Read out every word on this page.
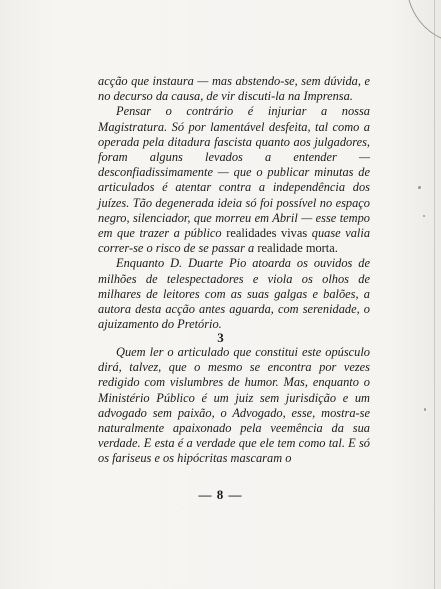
acção que instaura — mas abstendo-se, sem dúvida, e no decurso da causa, de vir discuti-la na Imprensa.

Pensar o contrário é injuriar a nossa Magistratura. Só por lamentável desfeita, tal como a operada pela ditadura fascista quanto aos julgadores, foram alguns levados a entender — desconfiadissimamente — que o publicar minutas de articulados é atentar contra a independência dos juízes. Tão degenerada ideia só foi possível no espaço negro, silenciador, que morreu em Abril — esse tempo em que trazer a público realidades vivas quase valia correr-se o risco de se passar a realidade morta.

Enquanto D. Duarte Pio atoarda os ouvidos de milhões de telespectadores e viola os olhos de milhares de leitores com as suas galgas e balões, a autora desta acção antes aguarda, com serenidade, o ajuizamento do Pretório.

3

Quem ler o articulado que constitui este opúsculo dirá, talvez, que o mesmo se encontra por vezes redigido com vislumbres de humor. Mas, enquanto o Ministério Público é um juiz sem jurisdição e um advogado sem paixão, o Advogado, esse, mostra-se naturalmente apaixonado pela veemência da sua verdade. E esta é a verdade que ele tem como tal. E só os fariseus e os hipócritas mascaram o

— 8 —
